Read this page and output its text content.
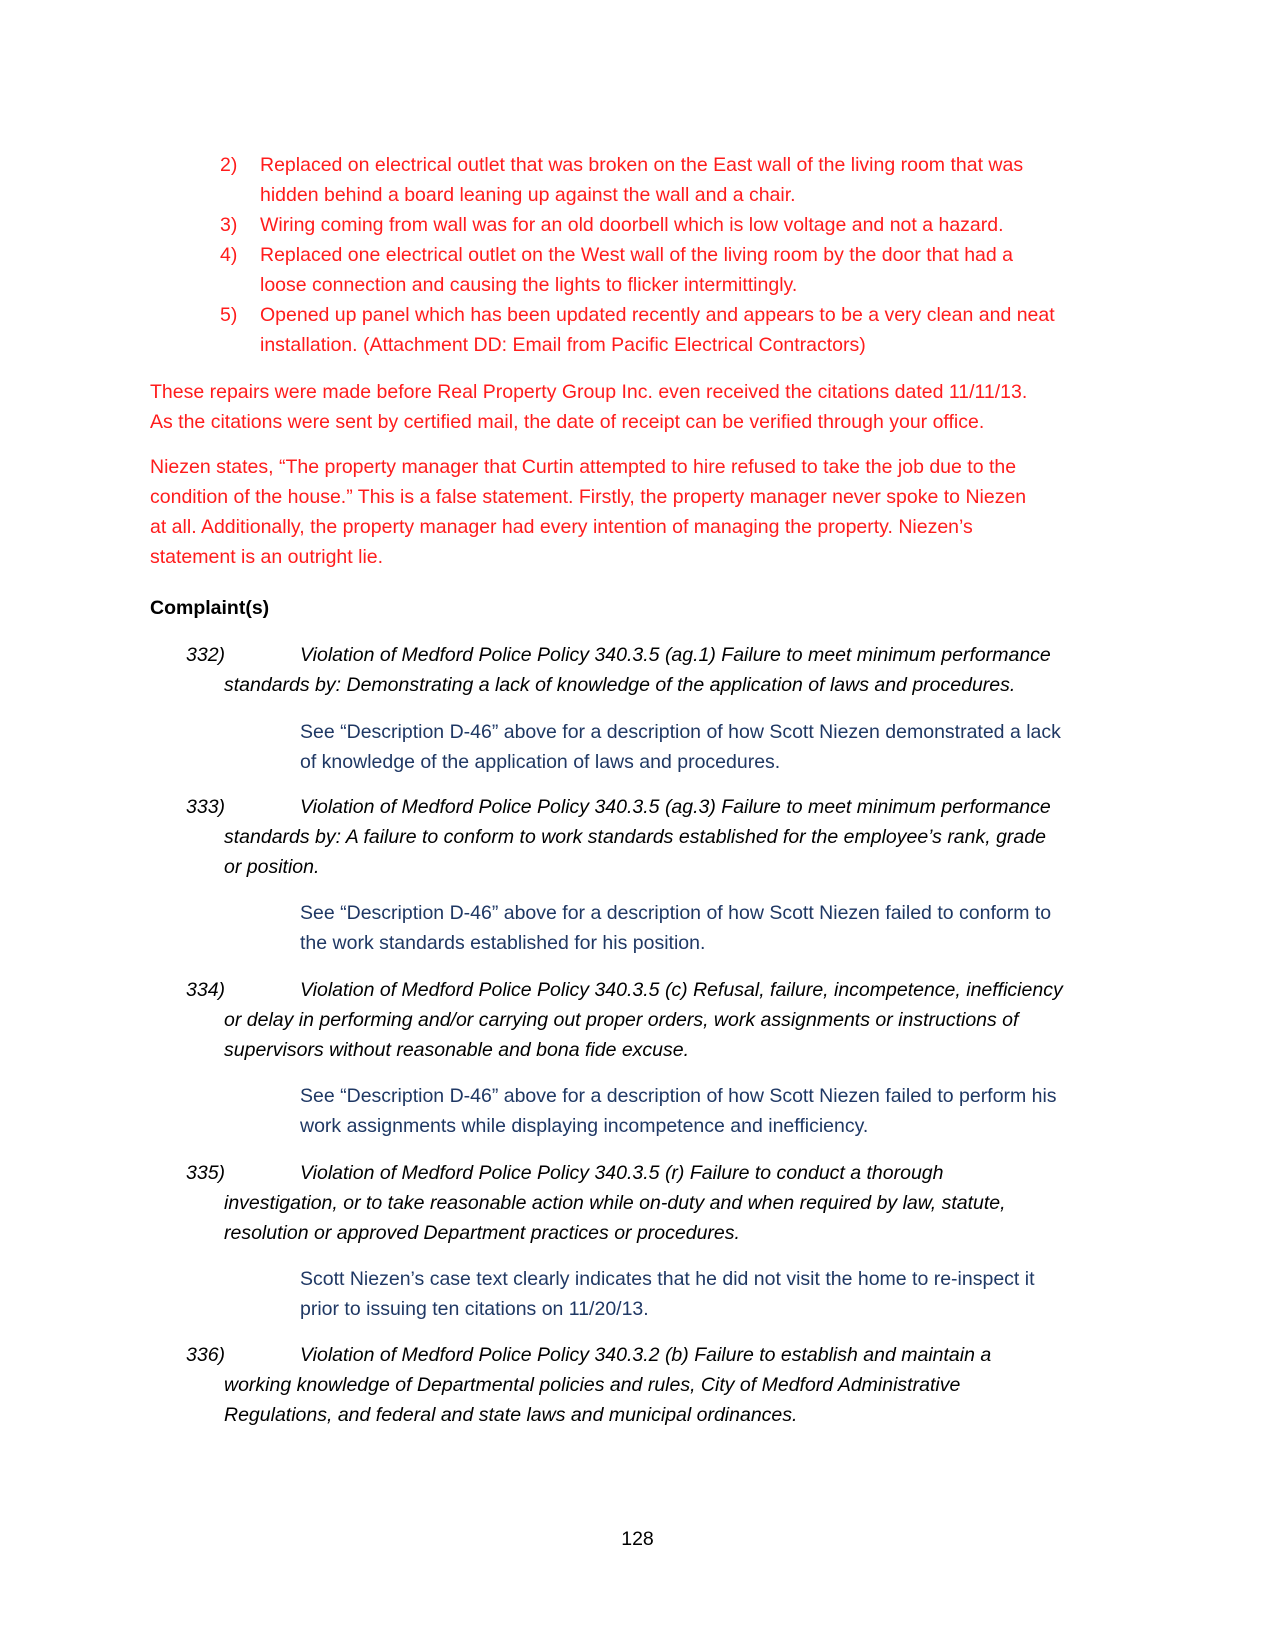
2) Replaced on electrical outlet that was broken on the East wall of the living room that was
hidden behind a board leaning up against the wall and a chair.
3) Wiring coming from wall was for an old doorbell which is low voltage and not a hazard.
4) Replaced one electrical outlet on the West wall of the living room by the door that had a
loose connection and causing the lights to flicker intermittingly.
5) Opened up panel which has been updated recently and appears to be a very clean and neat
installation. (Attachment DD: Email from Pacific Electrical Contractors)
These repairs were made before Real Property Group Inc. even received the citations dated 11/11/13.
As the citations were sent by certified mail, the date of receipt can be verified through your office.
Niezen states, “The property manager that Curtin attempted to hire refused to take the job due to the
condition of the house.” This is a false statement. Firstly, the property manager never spoke to Niezen
at all. Additionally, the property manager had every intention of managing the property. Niezen’s
statement is an outright lie.
Complaint(s)
332)	Violation of Medford Police Policy 340.3.5 (ag.1) Failure to meet minimum performance
standards by: Demonstrating a lack of knowledge of the application of laws and procedures.
See “Description D-46” above for a description of how Scott Niezen demonstrated a lack
of knowledge of the application of laws and procedures.
333)	Violation of Medford Police Policy 340.3.5 (ag.3) Failure to meet minimum performance
standards by: A failure to conform to work standards established for the employee’s rank, grade
or position.
See “Description D-46” above for a description of how Scott Niezen failed to conform to
the work standards established for his position.
334)	Violation of Medford Police Policy 340.3.5 (c) Refusal, failure, incompetence, inefficiency
or delay in performing and/or carrying out proper orders, work assignments or instructions of
supervisors without reasonable and bona fide excuse.
See “Description D-46” above for a description of how Scott Niezen failed to perform his
work assignments while displaying incompetence and inefficiency.
335)	Violation of Medford Police Policy 340.3.5 (r) Failure to conduct a thorough
investigation, or to take reasonable action while on-duty and when required by law, statute,
resolution or approved Department practices or procedures.
Scott Niezen’s case text clearly indicates that he did not visit the home to re-inspect it
prior to issuing ten citations on 11/20/13.
336)	Violation of Medford Police Policy 340.3.2 (b) Failure to establish and maintain a
working knowledge of Departmental policies and rules, City of Medford Administrative
Regulations, and federal and state laws and municipal ordinances.
128
